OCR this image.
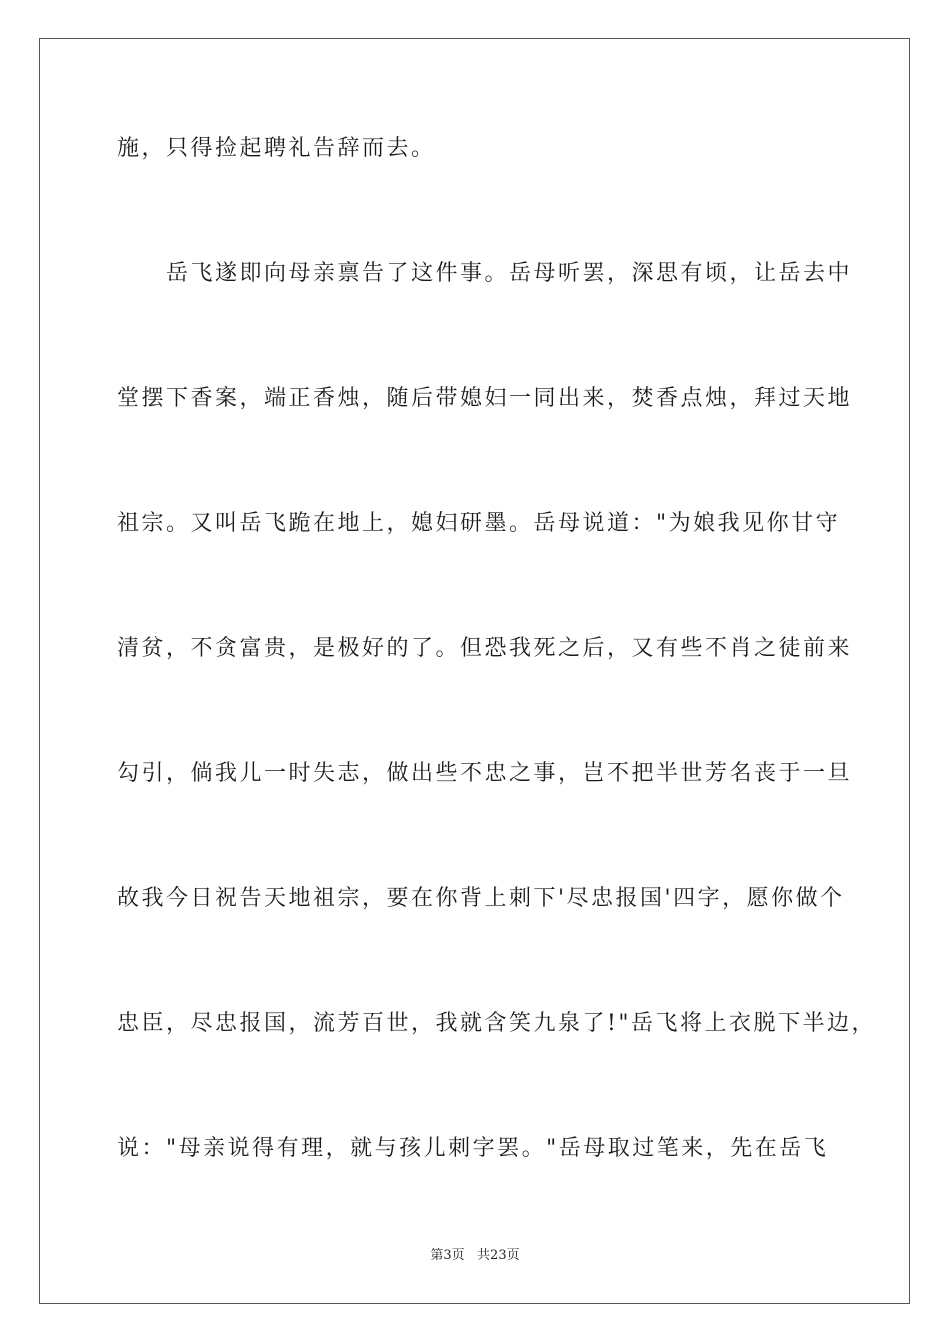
施，只得捡起聘礼告辞而去。
　　岳飞遂即向母亲禀告了这件事。岳母听罢，深思有顷，让岳去中
堂摆下香案，端正香烛，随后带媳妇一同出来，焚香点烛，拜过天地
祖宗。又叫岳飞跪在地上，媳妇研墨。岳母说道："为娘我见你甘守
清贫，不贪富贵，是极好的了。但恐我死之后，又有些不肖之徒前来
勾引，倘我儿一时失志，做出些不忠之事，岂不把半世芳名丧于一旦
故我今日祝告天地祖宗，要在你背上刺下'尽忠报国'四字，愿你做个
忠臣，尽忠报国，流芳百世，我就含笑九泉了!"岳飞将上衣脱下半边，
说："母亲说得有理，就与孩儿刺字罢。"岳母取过笔来，先在岳飞
第3页   共23页
